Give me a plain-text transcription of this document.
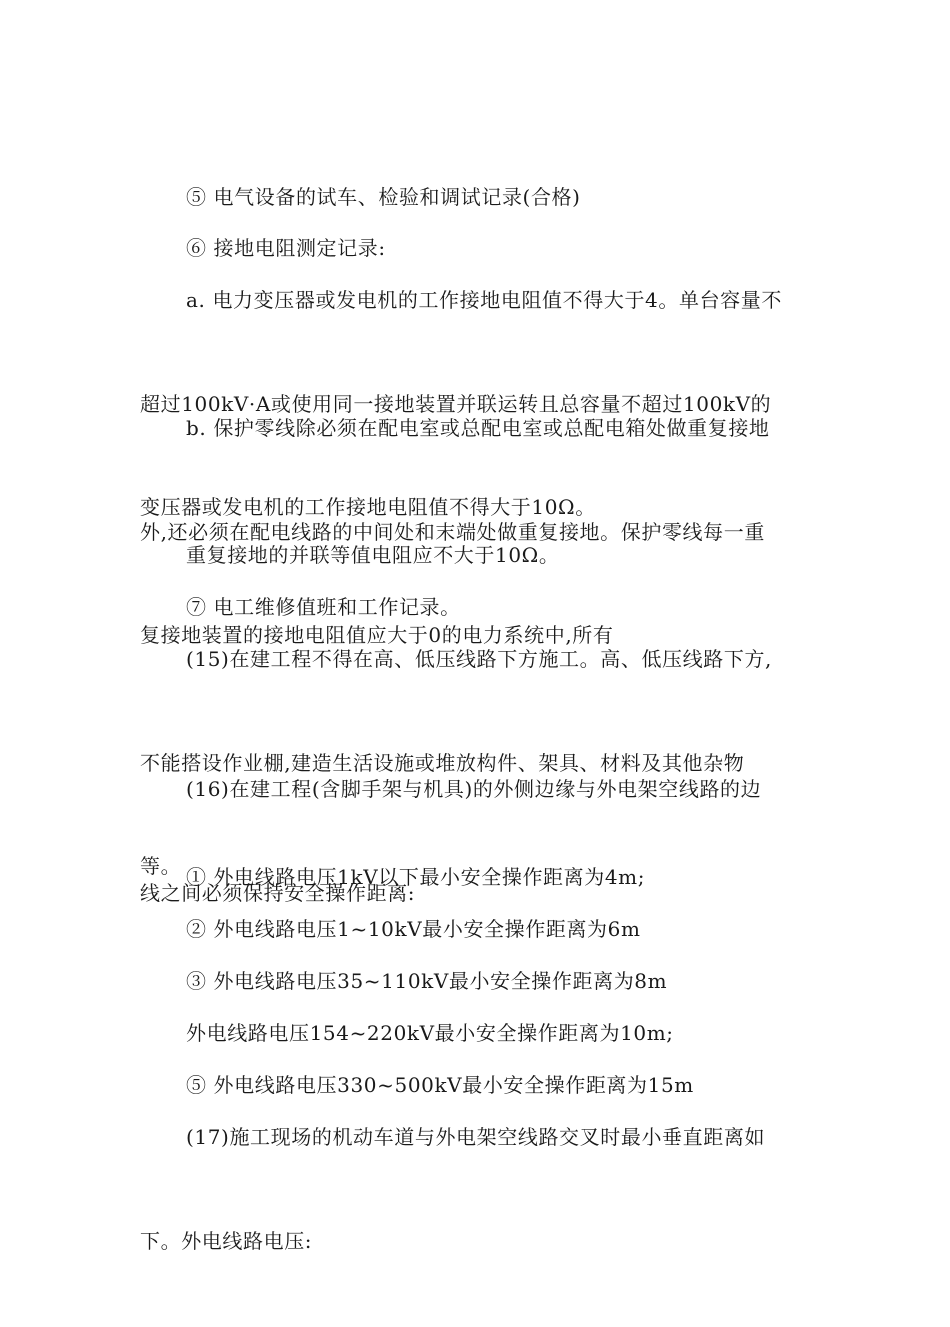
⑤ 电气设备的试车、检验和调试记录(合格)

⑥ 接地电阻测定记录:

a. 电力变压器或发电机的工作接地电阻值不得大于4。单台容量不

超过100kV·A或使用同一接地装置并联运转且总容量不超过100kV的

变压器或发电机的工作接地电阻值不得大于10Ω。

b. 保护零线除必须在配电室或总配电室或总配电箱处做重复接地

外,还必须在配电线路的中间处和末端处做重复接地。保护零线每一重

复接地装置的接地电阻值应大于0的电力系统中,所有

重复接地的并联等值电阻应不大于10Ω。

⑦ 电工维修值班和工作记录。

(15)在建工程不得在高、低压线路下方施工。高、低压线路下方,

不能搭设作业棚,建造生活设施或堆放构件、架具、材料及其他杂物

等。

(16)在建工程(含脚手架与机具)的外侧边缘与外电架空线路的边

线之间必须保持安全操作距离:

① 外电线路电压1kV以下最小安全操作距离为4m;

② 外电线路电压1~10kV最小安全操作距离为6m

③ 外电线路电压35~110kV最小安全操作距离为8m

外电线路电压154~220kV最小安全操作距离为10m;

⑤ 外电线路电压330~500kV最小安全操作距离为15m

(17)施工现场的机动车道与外电架空线路交叉时最小垂直距离如

下。外电线路电压:
